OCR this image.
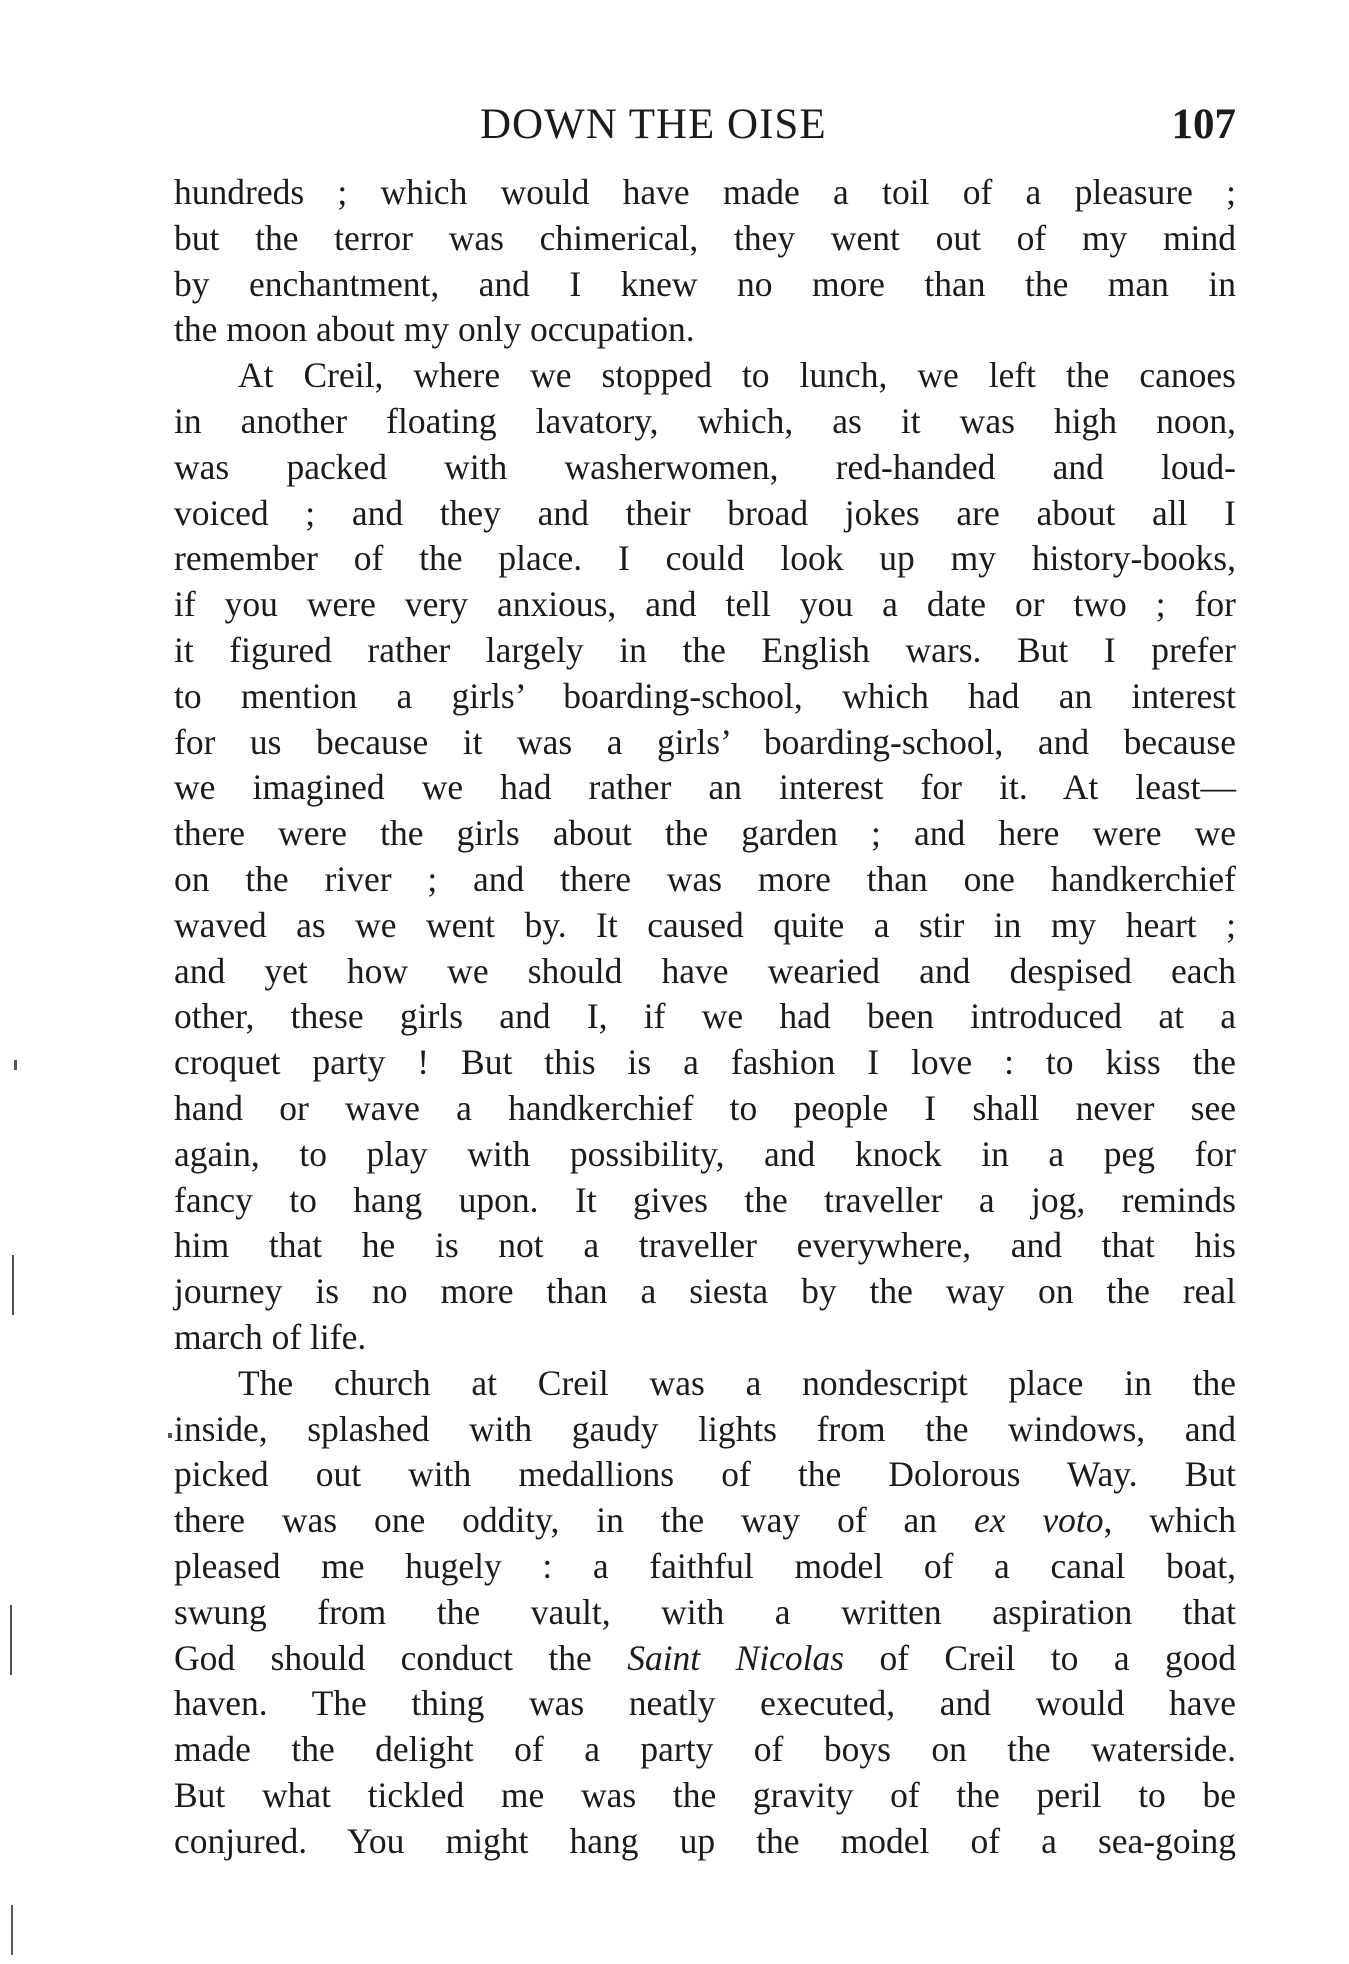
DOWN THE OISE	107
hundreds ; which would have made a toil of a pleasure ;
but the terror was chimerical, they went out of my mind
by enchantment, and I knew no more than the man in
the moon about my only occupation.
At Creil, where we stopped to lunch, we left the canoes
in another floating lavatory, which, as it was high noon,
was packed with washerwomen, red-handed and loud-
voiced ; and they and their broad jokes are about all I
remember of the place. I could look up my history-books,
if you were very anxious, and tell you a date or two ; for
it figured rather largely in the English wars. But I prefer
to mention a girls’ boarding-school, which had an interest
for us because it was a girls’ boarding-school, and because
we imagined we had rather an interest for it. At least—
there were the girls about the garden ; and here were we
on the river ; and there was more than one handkerchief
waved as we went by. It caused quite a stir in my heart ;
and yet how we should have wearied and despised each
other, these girls and I, if we had been introduced at a
croquet party ! But this is a fashion I love : to kiss the
hand or wave a handkerchief to people I shall never see
again, to play with possibility, and knock in a peg for
fancy to hang upon. It gives the traveller a jog, reminds
him that he is not a traveller everywhere, and that his
journey is no more than a siesta by the way on the real
march of life.
The church at Creil was a nondescript place in the
inside, splashed with gaudy lights from the windows, and
picked out with medallions of the Dolorous Way. But
there was one oddity, in the way of an ex voto, which
pleased me hugely : a faithful model of a canal boat,
swung from the vault, with a written aspiration that
God should conduct the Saint Nicolas of Creil to a good
haven. The thing was neatly executed, and would have
made the delight of a party of boys on the waterside.
But what tickled me was the gravity of the peril to be
conjured. You might hang up the model of a sea-going
